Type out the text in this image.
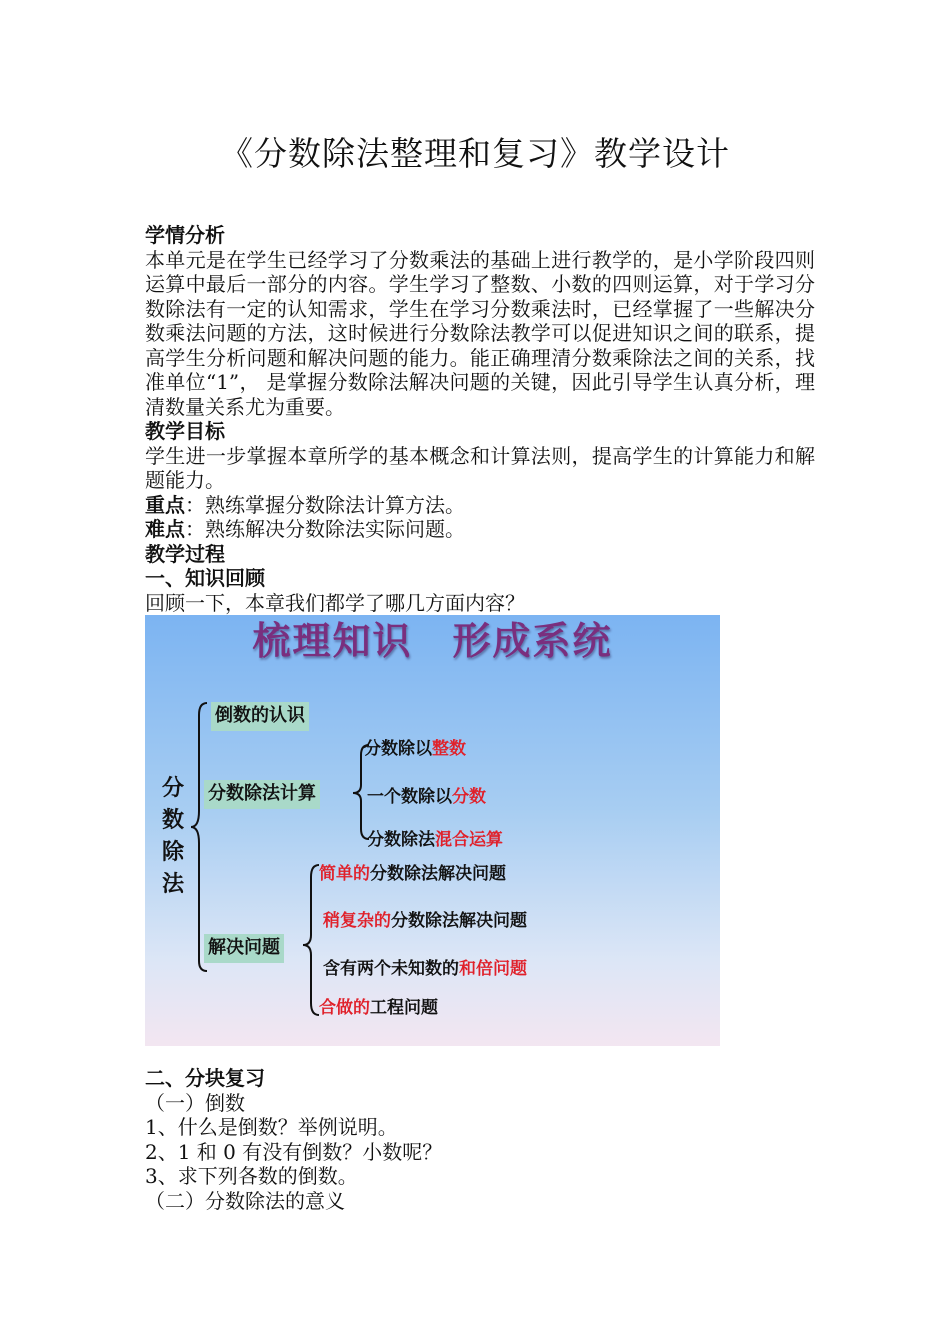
《分数除法整理和复习》教学设计

学情分析

本单元是在学生已经学习了分数乘法的基础上进行教学的，是小学阶段四则运算中最后一部分的内容。学生学习了整数、小数的四则运算，对于学习分数除法有一定的认知需求，学生在学习分数乘法时，已经掌握了一些解决分数乘法问题的方法，这时候进行分数除法教学可以促进知识之间的联系，提高学生分析问题和解决问题的能力。能正确理清分数乘除法之间的关系，找准单位“1”， 是掌握分数除法解决问题的关键，因此引导学生认真分析，理清数量关系尤为重要。

教学目标

学生进一步掌握本章所学的基本概念和计算法则，提高学生的计算能力和解题能力。

重点：熟练掌握分数除法计算方法。

难点：熟练解决分数除法实际问题。

教学过程

一、知识回顾

回顾一下，本章我们都学了哪几方面内容？

梳理知识　形成系统
分
数
除
法
倒数的认识
分数除法计算
解决问题
分数除以整数
一个数除以分数
分数除法混合运算
简单的分数除法解决问题
稍复杂的分数除法解决问题
含有两个未知数的和倍问题
合做的工程问题

二、分块复习

（一）倒数

1、什么是倒数？举例说明。

2、1 和 0 有没有倒数？小数呢？

3、求下列各数的倒数。

（二）分数除法的意义
